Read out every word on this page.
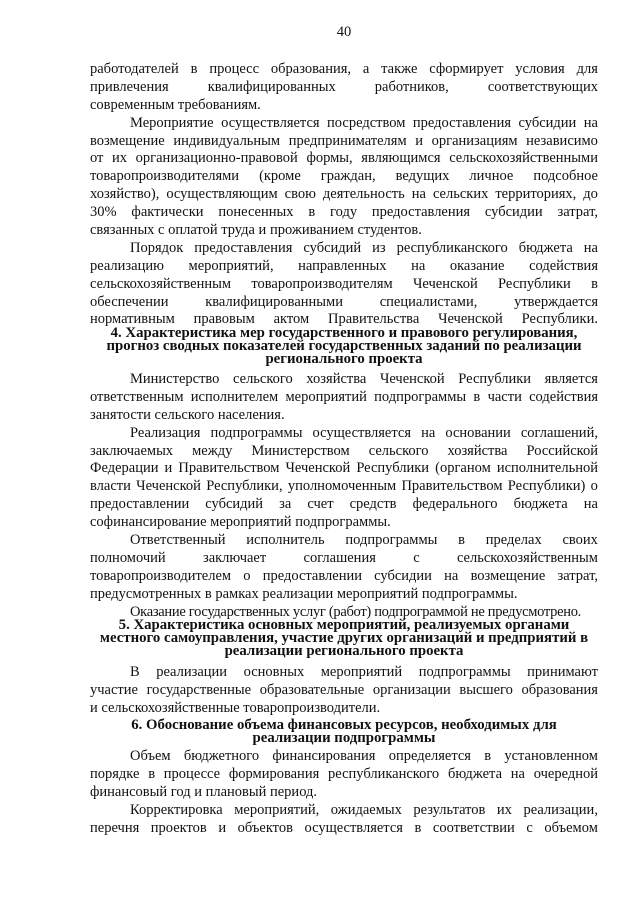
40
работодателей в процесс образования, а также сформирует условия для
привлечения	квалифицированных	работников,	соответствующих
современным требованиям.
Мероприятие осуществляется посредством предоставления субсидии на
возмещение индивидуальным предпринимателям и организациям независимо
от их организационно-правовой формы, являющимся сельскохозяйственными
товаропроизводителями (кроме граждан, ведущих личное подсобное
хозяйство), осуществляющим свою деятельность на сельских территориях, до
30% фактически понесенных в году предоставления субсидии затрат,
связанных с оплатой труда и проживанием студентов.
Порядок предоставления субсидий из республиканского бюджета на
реализацию мероприятий, направленных на оказание содействия
сельскохозяйственным товаропроизводителям Чеченской Республики в
обеспечении	квалифицированными	специалистами,	утверждается
нормативным правовым актом Правительства Чеченской Республики.
4. Характеристика мер государственного и правового регулирования,
прогноз сводных показателей государственных заданий по реализации
регионального проекта
Министерство сельского хозяйства Чеченской Республики является
ответственным исполнителем мероприятий подпрограммы в части содействия
занятости сельского населения.
Реализация подпрограммы осуществляется на основании соглашений,
заключаемых между Министерством сельского хозяйства Российской
Федерации и Правительством Чеченской Республики (органом исполнительной
власти Чеченской Республики, уполномоченным Правительством Республики) о
предоставлении субсидий за счет средств федерального бюджета на
софинансирование мероприятий подпрограммы.
Ответственный исполнитель подпрограммы в пределах своих
полномочий	заключает	соглашения	с	сельскохозяйственным
товаропроизводителем о предоставлении субсидии на возмещение затрат,
предусмотренных в рамках реализации мероприятий подпрограммы.
Оказание государственных услуг (работ) подпрограммой не предусмотрено.
5. Характеристика основных мероприятий, реализуемых органами
местного самоуправления, участие других организаций и предприятий в
реализации регионального проекта
В реализации основных мероприятий подпрограммы принимают
участие государственные образовательные организации высшего образования
и сельскохозяйственные товаропроизводители.
6. Обоснование объема финансовых ресурсов, необходимых для
реализации подпрограммы
Объем бюджетного финансирования определяется в установленном
порядке в процессе формирования республиканского бюджета на очередной
финансовый год и плановый период.
Корректировка мероприятий, ожидаемых результатов их реализации,
перечня проектов и объектов осуществляется в соответствии с объемом
